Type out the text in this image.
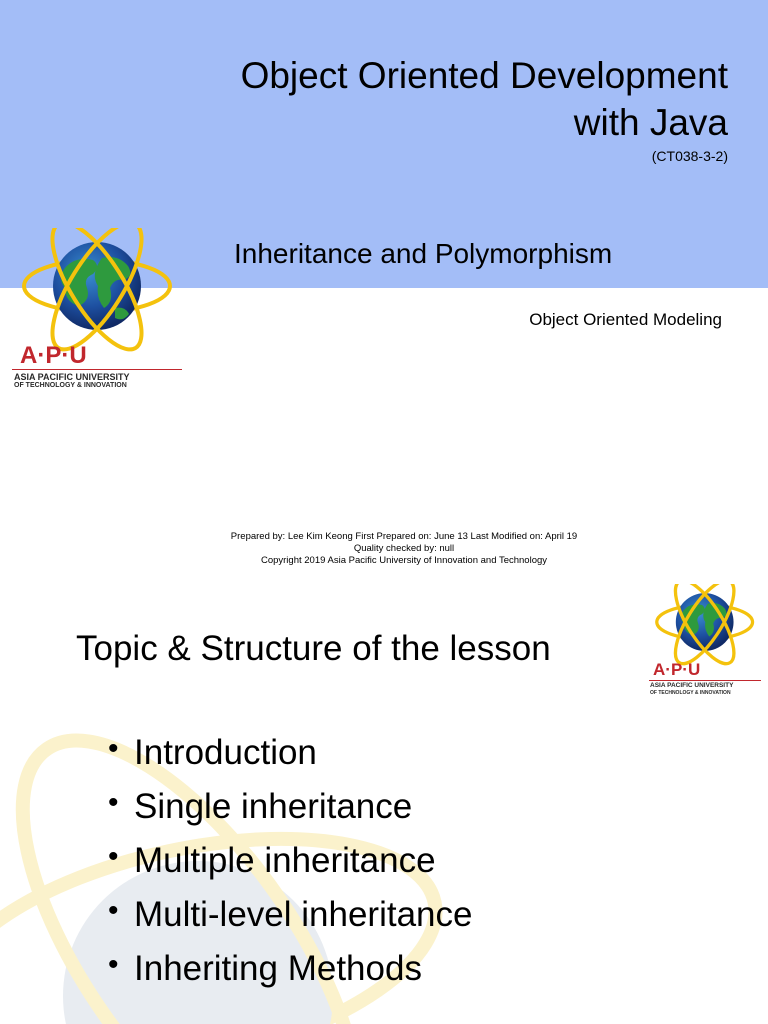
Object Oriented Development
with Java
(CT038-3-2)
Inheritance and Polymorphism
Object Oriented Modeling
A·P·U
ASIA PACIFIC UNIVERSITY
OF TECHNOLOGY & INNOVATION
Prepared by: Lee Kim Keong First Prepared on: June 13 Last Modified on: April 19
Quality checked by: null
Copyright 2019 Asia Pacific University of Innovation and Technology
Topic & Structure of the lesson
• Introduction
• Single inheritance
• Multiple inheritance
• Multi-level inheritance
• Inheriting Methods
A·P·U
ASIA PACIFIC UNIVERSITY
OF TECHNOLOGY & INNOVATION
